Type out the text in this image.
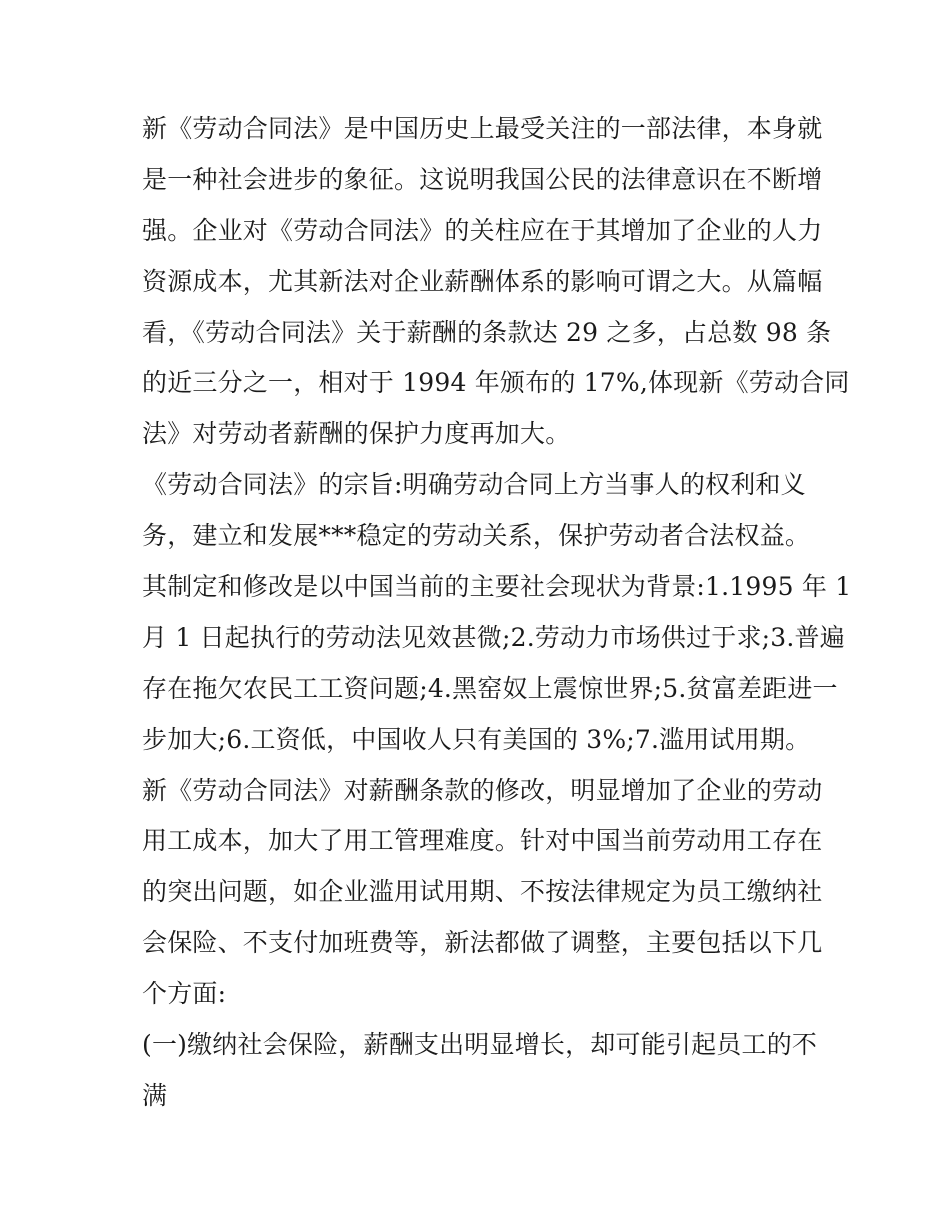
新《劳动合同法》是中国历史上最受关注的一部法律，本身就
是一种社会进步的象征。这说明我国公民的法律意识在不断增
强。企业对《劳动合同法》的关柱应在于其增加了企业的人力
资源成本，尤其新法对企业薪酬体系的影响可谓之大。从篇幅
看，《劳动合同法》关于薪酬的条款达 29 之多，占总数 98 条
的近三分之一，相对于 1994 年颁布的 17%,体现新《劳动合同
法》对劳动者薪酬的保护力度再加大。
《劳动合同法》的宗旨:明确劳动合同上方当事人的权利和义
务，建立和发展***稳定的劳动关系，保护劳动者合法权益。
其制定和修改是以中国当前的主要社会现状为背景:1.1995 年 1
月 1 日起执行的劳动法见效甚微;2.劳动力市场供过于求;3.普遍
存在拖欠农民工工资问题;4.黑窑奴上震惊世界;5.贫富差距进一
步加大;6.工资低，中国收人只有美国的 3%;7.滥用试用期。
新《劳动合同法》对薪酬条款的修改，明显增加了企业的劳动
用工成本，加大了用工管理难度。针对中国当前劳动用工存在
的突出问题，如企业滥用试用期、不按法律规定为员工缴纳社
会保险、不支付加班费等，新法都做了调整，主要包括以下几
个方面:
(一)缴纳社会保险，薪酬支出明显增长，却可能引起员工的不
满
